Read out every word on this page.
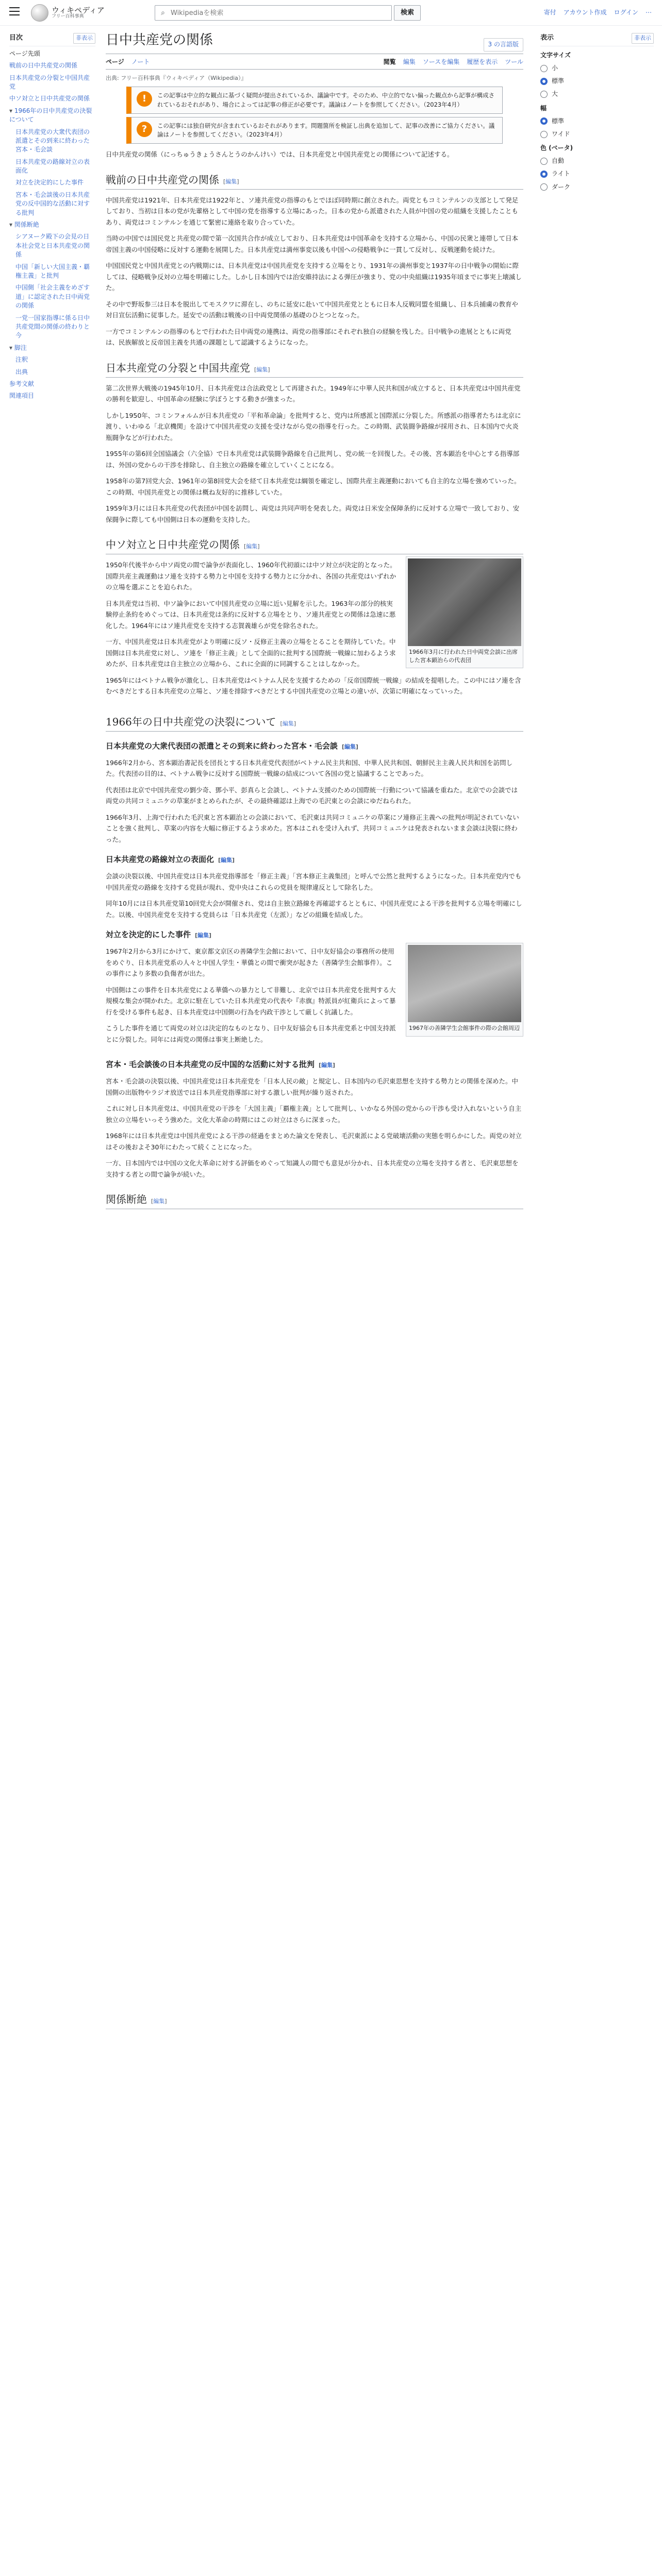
ウィキペディア
フリー百科事典	⌕
Wikipediaを検索	検索	寄付 アカウント作成 ログイン ⋯
目次	非表示
ページ先頭
戦前の日中共産党の関係
日本共産党の分裂と中国共産党
中ソ対立と日中共産党の関係
▾ 1966年の日中共産党の決裂について
日本共産党の大衆代表団の派遣とその到来に終わった宮本・毛会談
日本共産党の路線対立の表面化
対立を決定的にした事件
宮本・毛会談後の日本共産党の反中国的な活動に対する批判
▾ 関係断絶
シアヌーク殿下の会見の日本社会党と日本共産党の関係
中国「新しい大国主義・覇権主義」と批判
中国側「社会主義をめざす道」に認定された日中両党の関係
一党一国家指導に係る日中共産党間の関係の終わりと今
▾ 脚注
注釈
出典
参考文献
関連項目
日中共産党の関係	3 の言語版
ページ ノート	閲覧 編集 ソースを編集 履歴を表示 ツール
出典: フリー百科事典『ウィキペディア（Wikipedia）』
!	この記事は中立的な観点に基づく疑問が提出されているか、議論中です。そのため、中立的でない偏った観点から記事が構成されているおそれがあり、場合によっては記事の修正が必要です。議論はノートを参照してください。（2023年4月）
?	この記事には独自研究が含まれているおそれがあります。問題箇所を検証し出典を追加して、記事の改善にご協力ください。議論はノートを参照してください。（2023年4月）

日中共産党の関係（にっちゅうきょうさんとうのかんけい）では、日本共産党と中国共産党との関係について記述する。

戦前の日中共産党の関係 [編集]

中国共産党は1921年、日本共産党は1922年と、ソ連共産党の指導のもとでほぼ同時期に創立された。両党ともコミンテルンの支部として発足しており、当初は日本の党が先輩格として中国の党を指導する立場にあった。日本の党から派遣された人員が中国の党の組織を支援したこともあり、両党はコミンテルンを通じて緊密に連絡を取り合っていた。

当時の中国では国民党と共産党の間で第一次国共合作が成立しており、日本共産党は中国革命を支持する立場から、中国の民衆と連帯して日本帝国主義の中国侵略に反対する運動を展開した。日本共産党は満州事変以後も中国への侵略戦争に一貫して反対し、反戦運動を続けた。

中国国民党と中国共産党との内戦期には、日本共産党は中国共産党を支持する立場をとり、1931年の満州事変と1937年の日中戦争の開始に際しては、侵略戦争反対の立場を明確にした。しかし日本国内では治安維持法による弾圧が強まり、党の中央組織は1935年頃までに事実上壊滅した。

その中で野坂参三は日本を脱出してモスクワに滞在し、のちに延安に赴いて中国共産党とともに日本人反戦同盟を組織し、日本兵捕虜の教育や対日宣伝活動に従事した。延安での活動は戦後の日中両党関係の基礎のひとつとなった。

一方でコミンテルンの指導のもとで行われた日中両党の連携は、両党の指導部にそれぞれ独自の経験を残した。日中戦争の進展とともに両党は、民族解放と反帝国主義を共通の課題として認識するようになった。

日本共産党の分裂と中国共産党 [編集]

第二次世界大戦後の1945年10月、日本共産党は合法政党として再建された。1949年に中華人民共和国が成立すると、日本共産党は中国共産党の勝利を歓迎し、中国革命の経験に学ぼうとする動きが強まった。

しかし1950年、コミンフォルムが日本共産党の「平和革命論」を批判すると、党内は所感派と国際派に分裂した。所感派の指導者たちは北京に渡り、いわゆる「北京機関」を設けて中国共産党の支援を受けながら党の指導を行った。この時期、武装闘争路線が採用され、日本国内で火炎瓶闘争などが行われた。

1955年の第6回全国協議会（六全協）で日本共産党は武装闘争路線を自己批判し、党の統一を回復した。その後、宮本顕治を中心とする指導部は、外国の党からの干渉を排除し、自主独立の路線を確立していくことになる。

1958年の第7回党大会、1961年の第8回党大会を経て日本共産党は綱領を確定し、国際共産主義運動においても自主的な立場を強めていった。この時期、中国共産党との関係は概ね友好的に推移していた。

1959年3月には日本共産党の代表団が中国を訪問し、両党は共同声明を発表した。両党は日米安全保障条約に反対する立場で一致しており、安保闘争に際しても中国側は日本の運動を支持した。

中ソ対立と日中共産党の関係 [編集]
1966年3月に行われた日中両党会談に出席した宮本顕治らの代表団

1950年代後半から中ソ両党の間で論争が表面化し、1960年代初頭には中ソ対立が決定的となった。国際共産主義運動はソ連を支持する勢力と中国を支持する勢力とに分かれ、各国の共産党はいずれかの立場を選ぶことを迫られた。

日本共産党は当初、中ソ論争において中国共産党の立場に近い見解を示した。1963年の部分的核実験停止条約をめぐっては、日本共産党は条約に反対する立場をとり、ソ連共産党との関係は急速に悪化した。1964年にはソ連共産党を支持する志賀義雄らが党を除名された。

一方、中国共産党は日本共産党がより明確に反ソ・反修正主義の立場をとることを期待していた。中国側は日本共産党に対し、ソ連を「修正主義」として全面的に批判する国際統一戦線に加わるよう求めたが、日本共産党は自主独立の立場から、これに全面的に同調することはしなかった。

1965年にはベトナム戦争が激化し、日本共産党はベトナム人民を支援するための「反帝国際統一戦線」の結成を提唱した。この中にはソ連を含むべきだとする日本共産党の立場と、ソ連を排除すべきだとする中国共産党の立場との違いが、次第に明確になっていった。

1966年の日中共産党の決裂について [編集]
日本共産党の大衆代表団の派遣とその到来に終わった宮本・毛会談 [編集]

1966年2月から、宮本顕治書記長を団長とする日本共産党代表団がベトナム民主共和国、中華人民共和国、朝鮮民主主義人民共和国を訪問した。代表団の目的は、ベトナム戦争に反対する国際統一戦線の結成について各国の党と協議することであった。

代表団は北京で中国共産党の劉少奇、鄧小平、彭真らと会談し、ベトナム支援のための国際統一行動について協議を重ねた。北京での会談では両党の共同コミュニケの草案がまとめられたが、その最終確認は上海での毛沢東との会談にゆだねられた。

1966年3月、上海で行われた毛沢東と宮本顕治との会談において、毛沢東は共同コミュニケの草案にソ連修正主義への批判が明記されていないことを強く批判し、草案の内容を大幅に修正するよう求めた。宮本はこれを受け入れず、共同コミュニケは発表されないまま会談は決裂に終わった。

日本共産党の路線対立の表面化 [編集]

会談の決裂以後、中国共産党は日本共産党指導部を「修正主義」「宮本修正主義集団」と呼んで公然と批判するようになった。日本共産党内でも中国共産党の路線を支持する党員が現れ、党中央はこれらの党員を規律違反として除名した。

同年10月には日本共産党第10回党大会が開催され、党は自主独立路線を再確認するとともに、中国共産党による干渉を批判する立場を明確にした。以後、中国共産党を支持する党員らは「日本共産党（左派）」などの組織を結成した。

対立を決定的にした事件 [編集]
1967年の善隣学生会館事件の際の会館周辺

1967年2月から3月にかけて、東京都文京区の善隣学生会館において、日中友好協会の事務所の使用をめぐり、日本共産党系の人々と中国人学生・華僑との間で衝突が起きた（善隣学生会館事件）。この事件により多数の負傷者が出た。

中国側はこの事件を日本共産党による華僑への暴力として非難し、北京では日本共産党を批判する大規模な集会が開かれた。北京に駐在していた日本共産党の代表や『赤旗』特派員が紅衛兵によって暴行を受ける事件も起き、日本共産党は中国側の行為を内政干渉として厳しく抗議した。

こうした事件を通じて両党の対立は決定的なものとなり、日中友好協会も日本共産党系と中国支持派とに分裂した。同年には両党の関係は事実上断絶した。

宮本・毛会談後の日本共産党の反中国的な活動に対する批判 [編集]

宮本・毛会談の決裂以後、中国共産党は日本共産党を「日本人民の敵」と規定し、日本国内の毛沢東思想を支持する勢力との関係を深めた。中国側の出版物やラジオ放送では日本共産党指導部に対する激しい批判が繰り返された。

これに対し日本共産党は、中国共産党の干渉を「大国主義」「覇権主義」として批判し、いかなる外国の党からの干渉も受け入れないという自主独立の立場をいっそう強めた。文化大革命の時期にはこの対立はさらに深まった。

1968年には日本共産党は中国共産党による干渉の経過をまとめた論文を発表し、毛沢東派による党破壊活動の実態を明らかにした。両党の対立はその後およそ30年にわたって続くことになった。

一方、日本国内では中国の文化大革命に対する評価をめぐって知識人の間でも意見が分かれ、日本共産党の立場を支持する者と、毛沢東思想を支持する者との間で論争が続いた。

関係断絶 [編集]
表示	非表示
文字サイズ
小
標準
大
幅
標準
ワイド
色 (ベータ)
自動
ライト
ダーク
